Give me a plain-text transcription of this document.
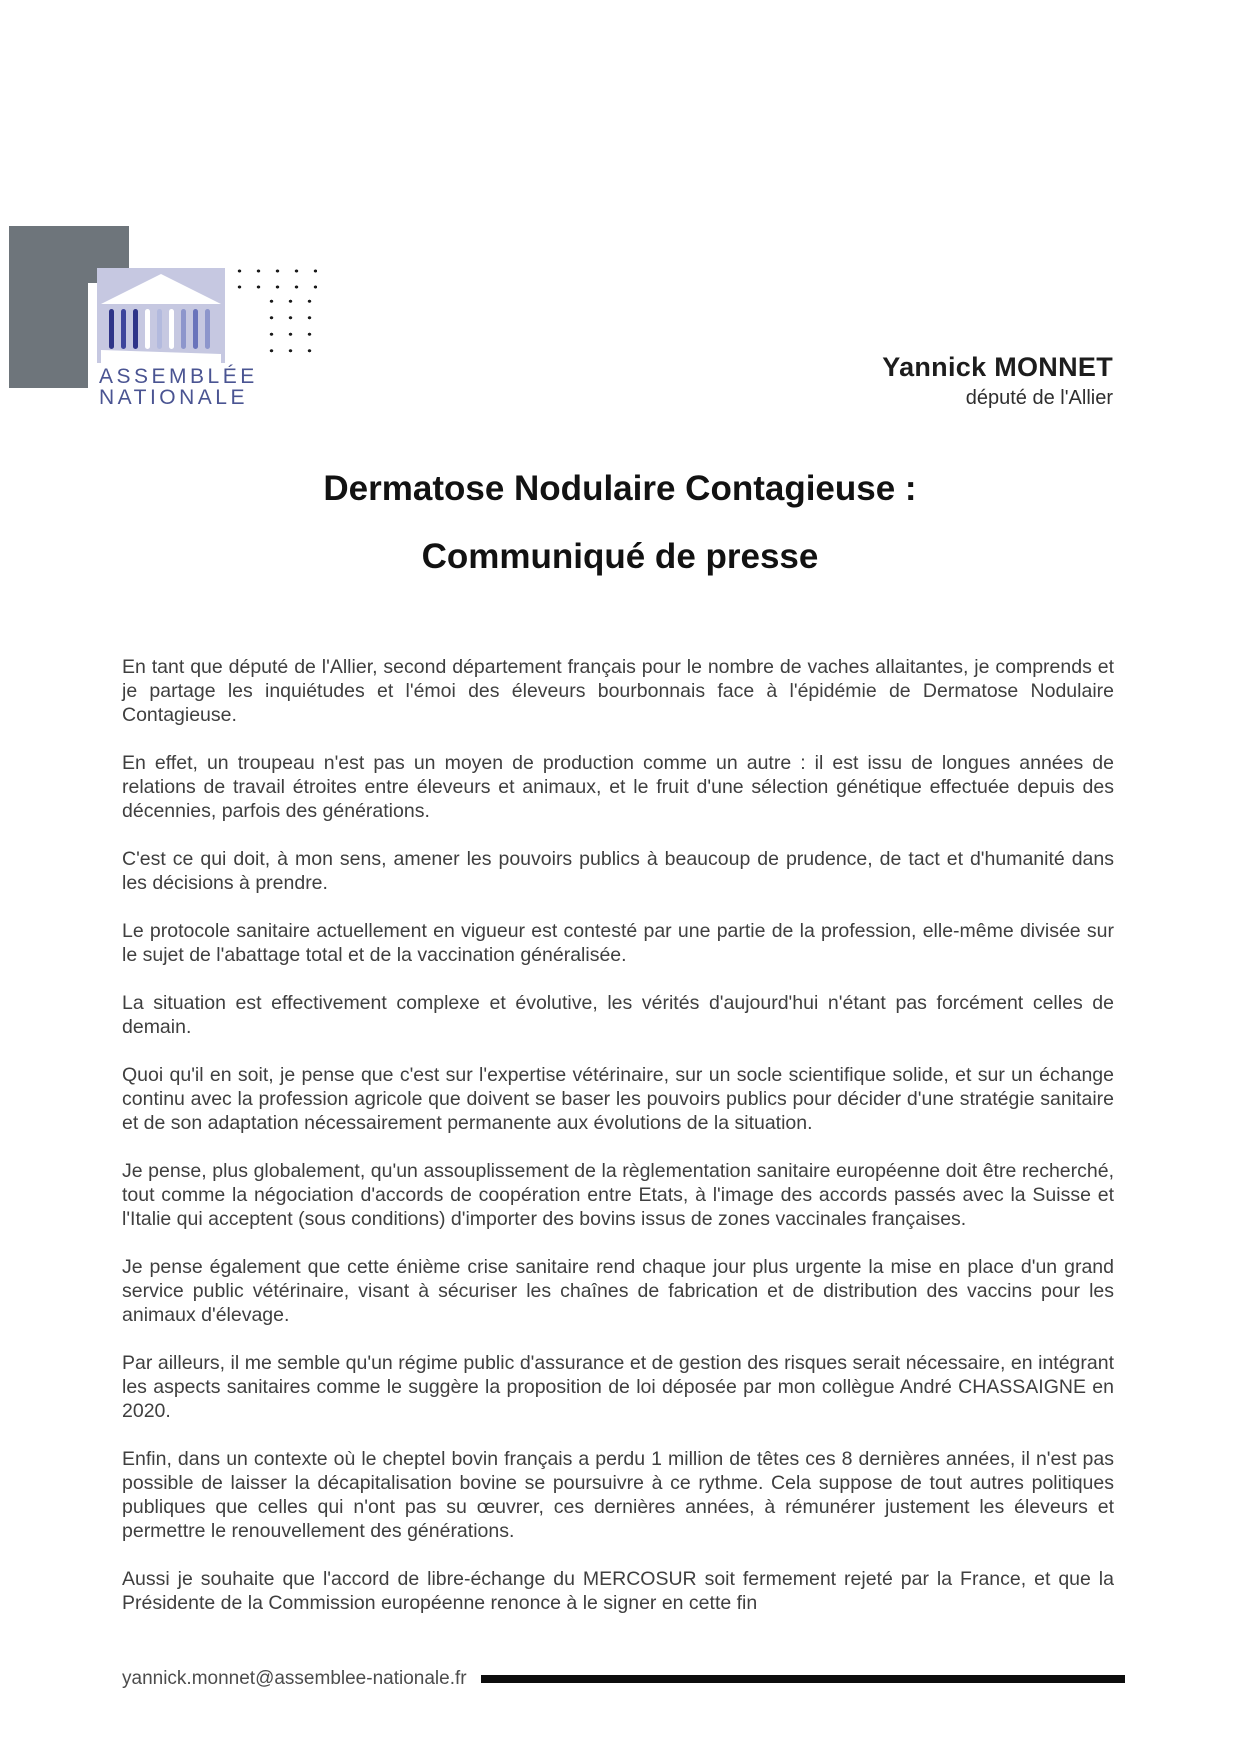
ASSEMBLÉE
NATIONALE
Yannick MONNET
député de l'Allier
Dermatose Nodulaire Contagieuse :
Communiqué de presse

En tant que député de l'Allier, second département français pour le nombre de vaches allaitantes, je comprends et je partage les inquiétudes et l'émoi des éleveurs bourbonnais face à l'épidémie de Dermatose Nodulaire Contagieuse.

En effet, un troupeau n'est pas un moyen de production comme un autre : il est issu de longues années de relations de travail étroites entre éleveurs et animaux, et le fruit d'une sélection génétique effectuée depuis des décennies, parfois des générations.

C'est ce qui doit, à mon sens, amener les pouvoirs publics à beaucoup de prudence, de tact et d'humanité dans les décisions à prendre.

Le protocole sanitaire actuellement en vigueur est contesté par une partie de la profession, elle-même divisée sur le sujet de l'abattage total et de la vaccination généralisée.

La situation est effectivement complexe et évolutive, les vérités d'aujourd'hui n'étant pas forcément celles de demain.

Quoi qu'il en soit, je pense que c'est sur l'expertise vétérinaire, sur un socle scientifique solide, et sur un échange continu avec la profession agricole que doivent se baser les pouvoirs publics pour décider d'une stratégie sanitaire et de son adaptation nécessairement permanente aux évolutions de la situation.

Je pense, plus globalement, qu'un assouplissement de la règlementation sanitaire européenne doit être recherché, tout comme la négociation d'accords de coopération entre Etats, à l'image des accords passés avec la Suisse et l'Italie qui acceptent (sous conditions) d'importer des bovins issus de zones vaccinales françaises.

Je pense également que cette énième crise sanitaire rend chaque jour plus urgente la mise en place d'un grand service public vétérinaire, visant à sécuriser les chaînes de fabrication et de distribution des vaccins pour les animaux d'élevage.

Par ailleurs, il me semble qu'un régime public d'assurance et de gestion des risques serait nécessaire, en intégrant les aspects sanitaires comme le suggère la proposition de loi déposée par mon collègue André CHASSAIGNE en 2020.

Enfin, dans un contexte où le cheptel bovin français a perdu 1 million de têtes ces 8 dernières années, il n'est pas possible de laisser la décapitalisation bovine se poursuivre à ce rythme. Cela suppose de tout autres politiques publiques que celles qui n'ont pas su œuvrer, ces dernières années, à rémunérer justement les éleveurs et permettre le renouvellement des générations.

Aussi je souhaite que l'accord de libre-échange du MERCOSUR soit fermement rejeté par la France, et que la Présidente de la Commission européenne renonce à le signer en cette fin

yannick.monnet@assemblee-nationale.fr
